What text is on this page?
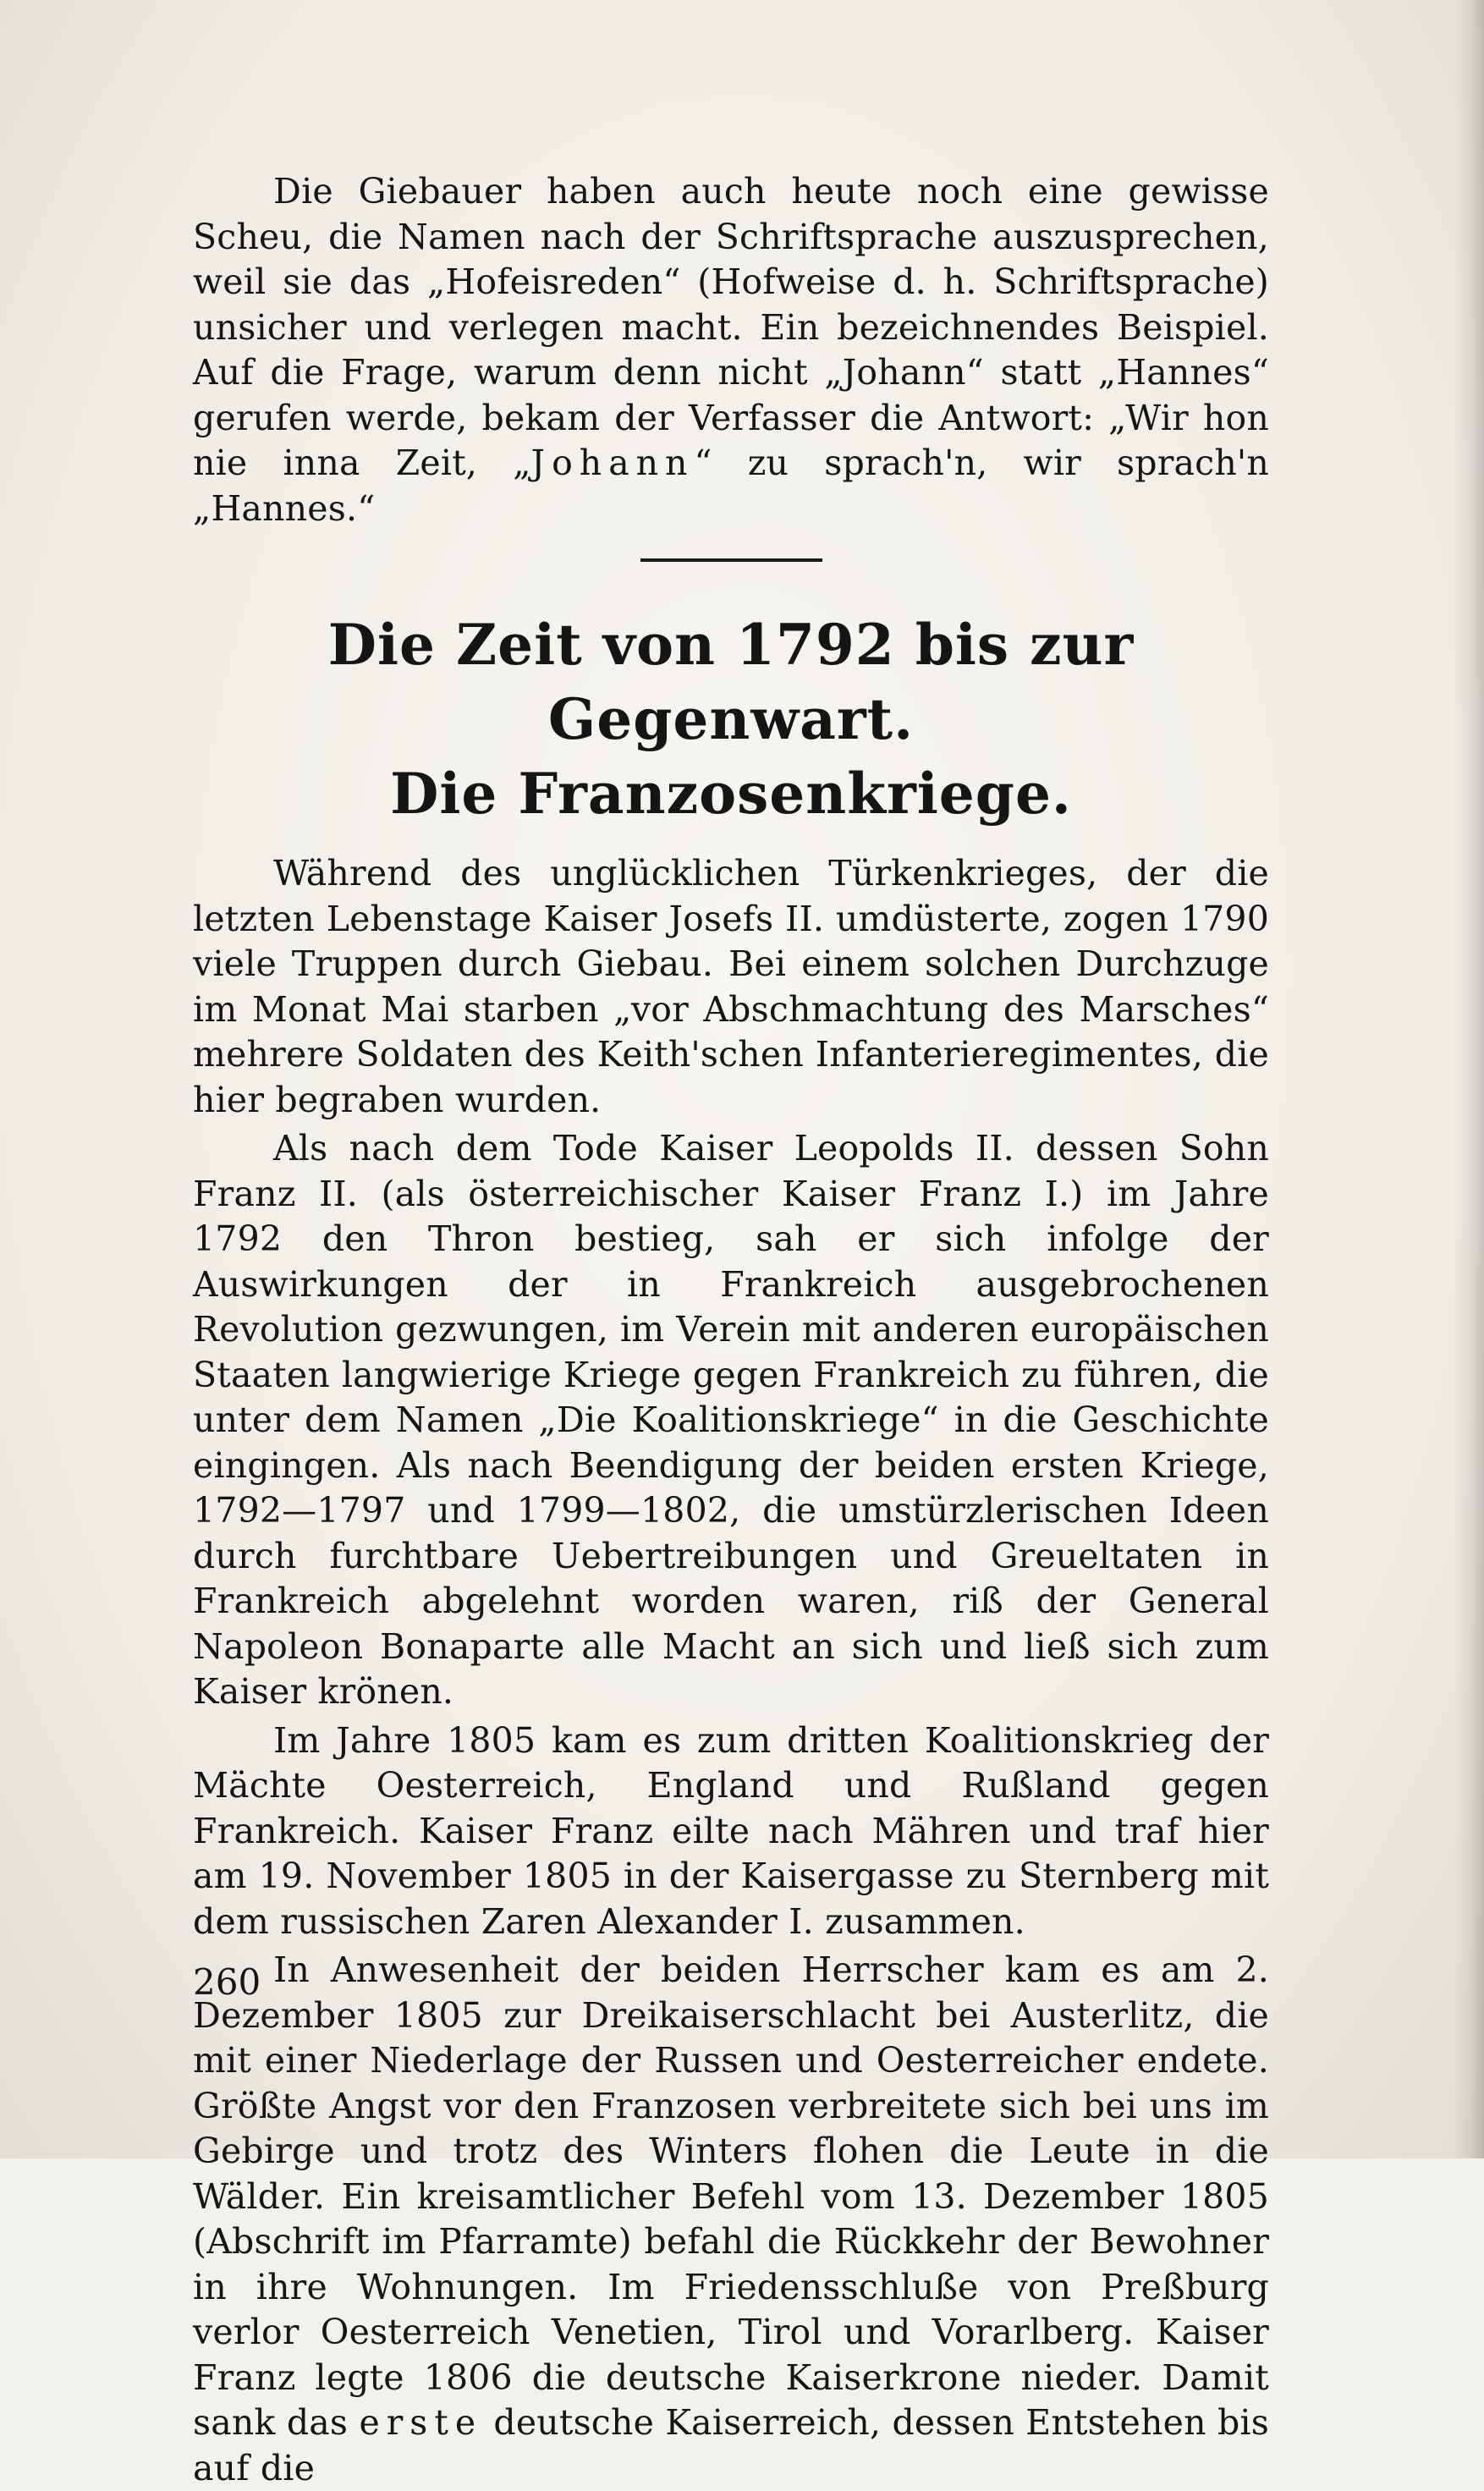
Die Giebauer haben auch heute noch eine gewisse Scheu, die Namen nach der Schriftsprache auszusprechen, weil sie das „Hofeisreden“ (Hofweise d. h. Schriftsprache) unsicher und verlegen macht. Ein bezeichnendes Beispiel. Auf die Frage, warum denn nicht „Johann“ statt „Hannes“ gerufen werde, bekam der Verfasser die Antwort: „Wir hon nie inna Zeit, „Johann“ zu sprach'n, wir sprach'n „Hannes.“

Die Zeit von 1792 bis zur Gegenwart.
Die Franzosenkriege.

Während des unglücklichen Türkenkrieges, der die letzten Lebenstage Kaiser Josefs II. umdüsterte, zogen 1790 viele Truppen durch Giebau. Bei einem solchen Durchzuge im Monat Mai starben „vor Abschmachtung des Marsches“ mehrere Soldaten des Keith'schen Infanterieregimentes, die hier begraben wurden.

Als nach dem Tode Kaiser Leopolds II. dessen Sohn Franz II. (als österreichischer Kaiser Franz I.) im Jahre 1792 den Thron bestieg, sah er sich infolge der Auswirkungen der in Frankreich ausgebrochenen Revolution gezwungen, im Verein mit anderen europäischen Staaten langwierige Kriege gegen Frankreich zu führen, die unter dem Namen „Die Koalitionskriege“ in die Geschichte eingingen. Als nach Beendigung der beiden ersten Kriege, 1792—1797 und 1799—1802, die umstürzlerischen Ideen durch furchtbare Uebertreibungen und Greueltaten in Frankreich abgelehnt worden waren, riß der General Napoleon Bonaparte alle Macht an sich und ließ sich zum Kaiser krönen.

Im Jahre 1805 kam es zum dritten Koalitionskrieg der Mächte Oesterreich, England und Rußland gegen Frankreich. Kaiser Franz eilte nach Mähren und traf hier am 19. November 1805 in der Kaisergasse zu Sternberg mit dem russischen Zaren Alexander I. zusammen.

In Anwesenheit der beiden Herrscher kam es am 2. Dezember 1805 zur Dreikaiserschlacht bei Austerlitz, die mit einer Niederlage der Russen und Oesterreicher endete. Größte Angst vor den Franzosen verbreitete sich bei uns im Gebirge und trotz des Winters flohen die Leute in die Wälder. Ein kreisamtlicher Befehl vom 13. Dezember 1805 (Abschrift im Pfarramte) befahl die Rückkehr der Bewohner in ihre Wohnungen. Im Friedensschluße von Preßburg verlor Oesterreich Venetien, Tirol und Vorarlberg. Kaiser Franz legte 1806 die deutsche Kaiserkrone nieder. Damit sank das erste deutsche Kaiserreich, dessen Entstehen bis auf die

260
